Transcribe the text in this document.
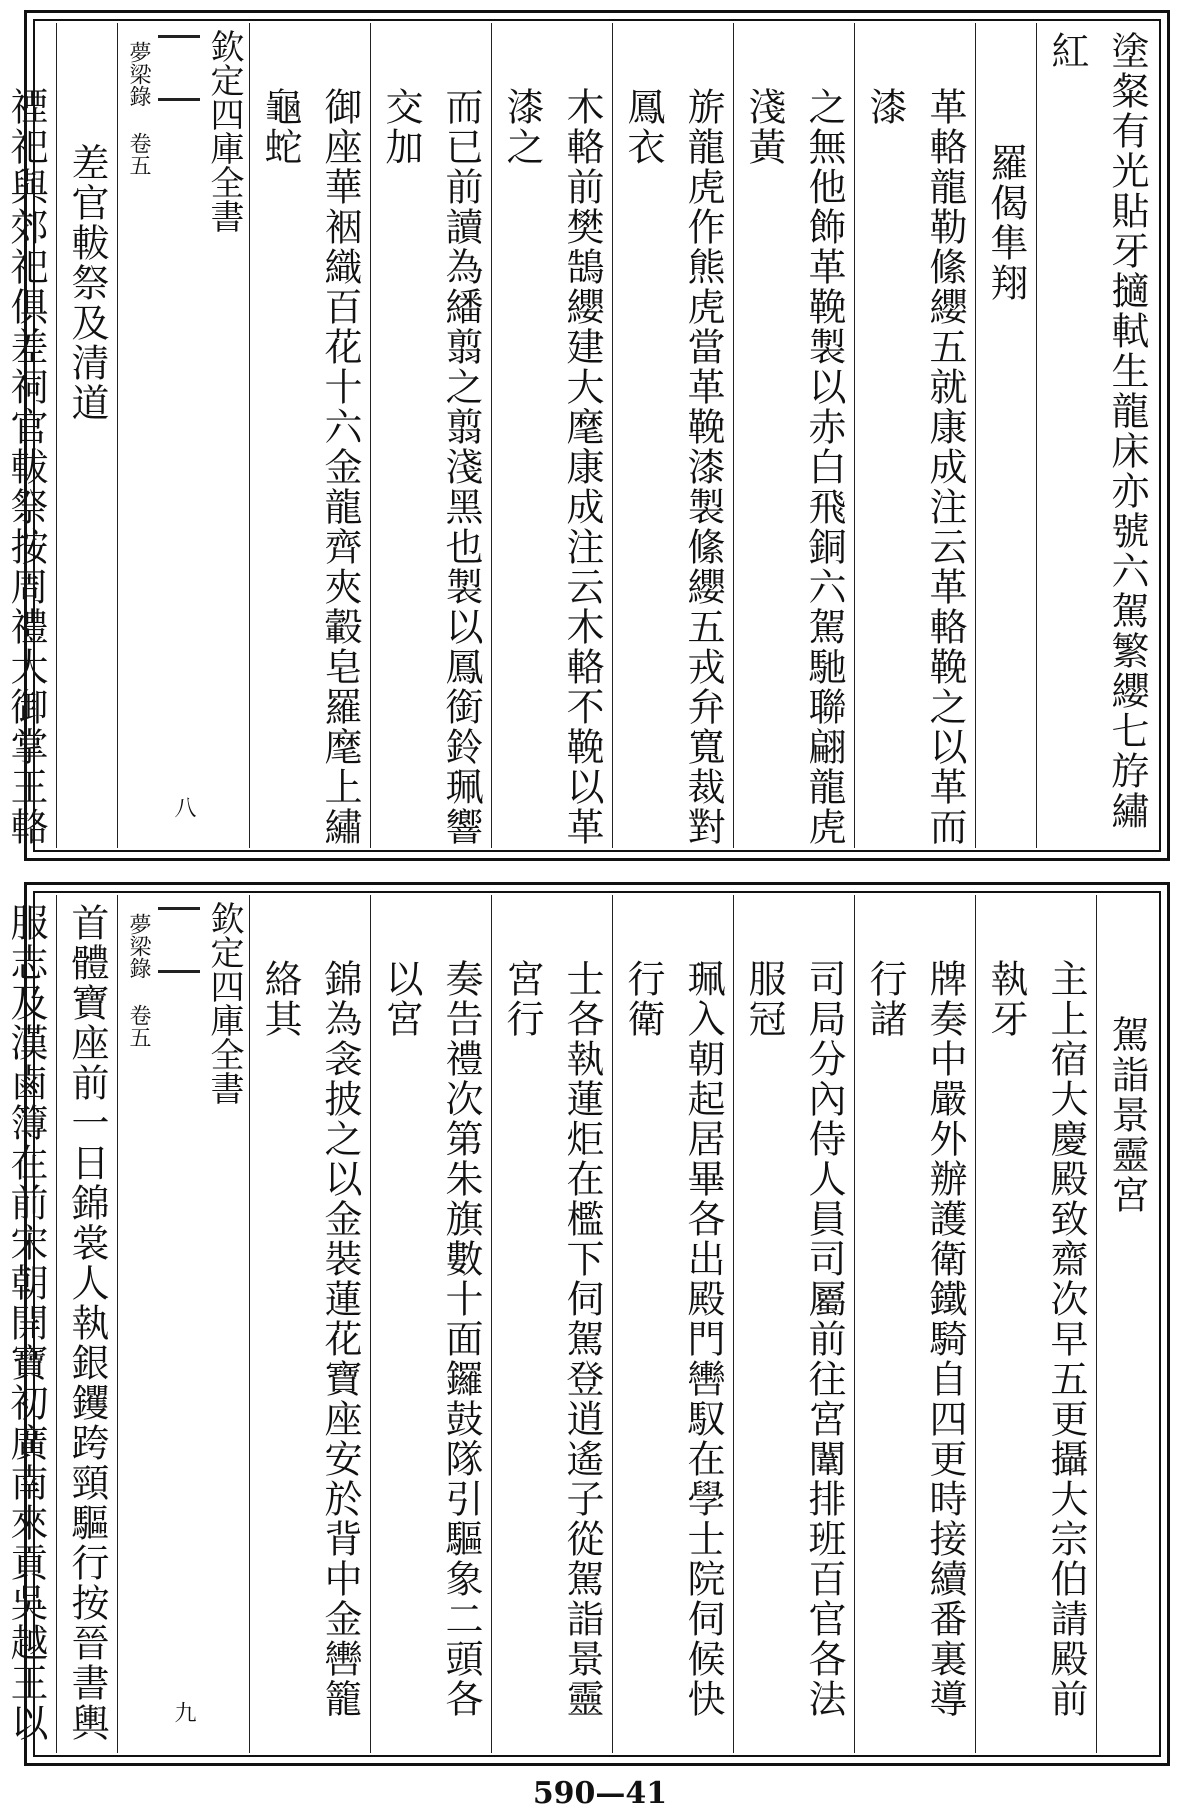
塗粲有光貼牙擿軾生龍床亦號六駕繁纓七斿繡紅
羅偈隼翔
革輅龍勒絛纓五就康成注云革輅鞔之以革而漆
之無他飾革鞔製以赤白飛銅六駕馳聯翩龍虎淺黃
旂龍虎作熊虎當革鞔漆製絛纓五戎弁寬裁對鳳衣
木輅前樊鵠纓建大麾康成注云木輅不鞔以革漆之
而已前讀為繙翦之翦淺黑也製以鳳銜鈴珮響交加
御座華裀織百花十六金龍齊夾轂皂羅麾上繡龜蛇
欽定四庫全書
夢梁錄 卷五
八
差官軷祭及清道
禋祀與郊祀俱差祠官軷祭按周禮大御掌王輅
駕詣景靈宮
主上宿大慶殿致齋次早五更攝大宗伯請殿前執牙
牌奏中嚴外辦護衛鐵騎自四更時接續番裏導行諸
司局分內侍人員司屬前往宮闈排班百官各法服冠
珮入朝起居畢各出殿門轡馭在學士院伺候快行衛
士各執蓮炬在檻下伺駕登逍遙子從駕詣景靈宮行
奏告禮次第朱旗數十面鑼鼓隊引驅象二頭各以宮
錦為衾披之以金裝蓮花寶座安於背中金轡籠絡其
欽定四庫全書
夢梁錄 卷五
九
首體寶座前一日錦裳人執銀钁跨頸驅行按晉書輿
服志及漢鹵簿在前宋朝開寶初廣南來貢吳越王以
590—41
